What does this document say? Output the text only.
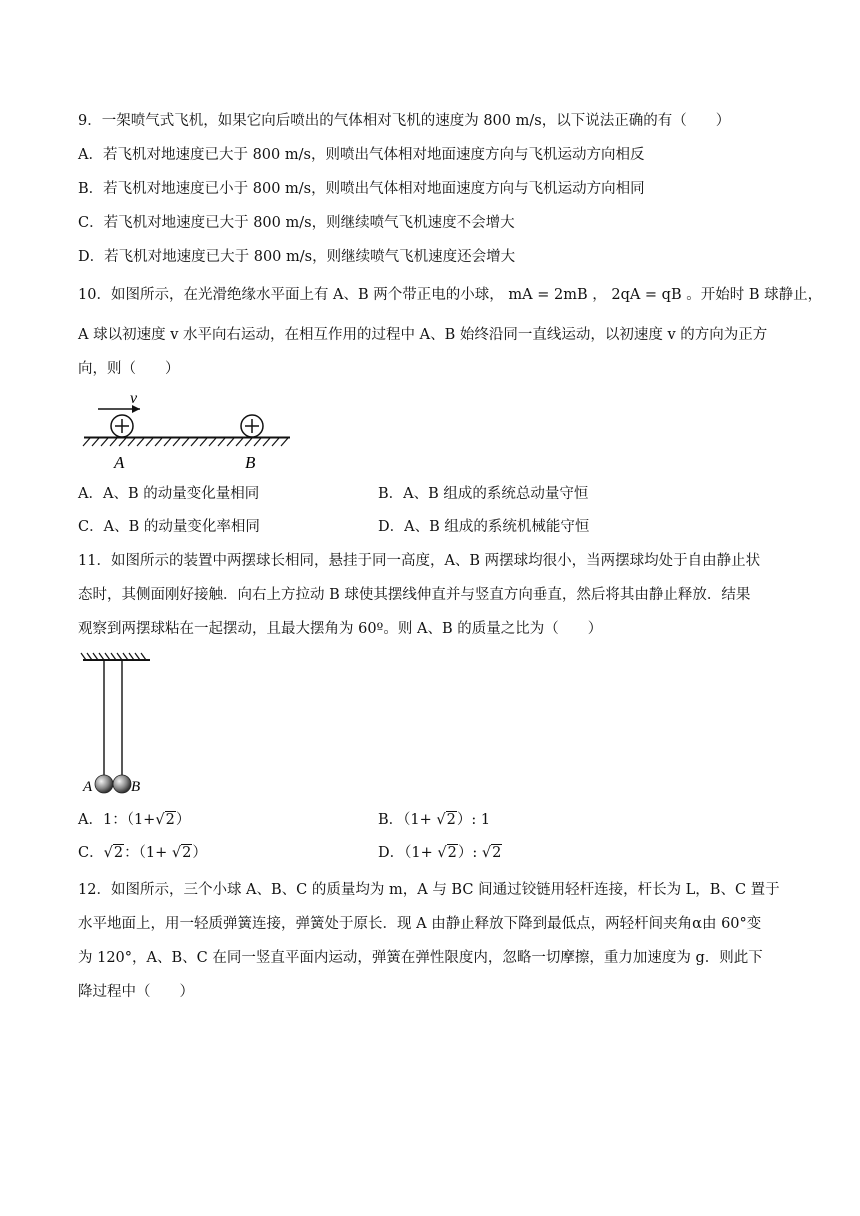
9．一架喷气式飞机，如果它向后喷出的气体相对飞机的速度为 800 m/s，以下说法正确的有（　　）
A．若飞机对地速度已大于 800 m/s，则喷出气体相对地面速度方向与飞机运动方向相反
B．若飞机对地速度已小于 800 m/s，则喷出气体相对地面速度方向与飞机运动方向相同
C．若飞机对地速度已大于 800 m/s，则继续喷气飞机速度不会增大
D．若飞机对地速度已大于 800 m/s，则继续喷气飞机速度还会增大
10．如图所示，在光滑绝缘水平面上有 A、B 两个带正电的小球， mA = 2mB ， 2qA = qB 。开始时 B 球静止，
A 球以初速度 v 水平向右运动，在相互作用的过程中 A、B 始终沿同一直线运动，以初速度 v 的方向为正方
向，则（　　）
v
A	B
A．A、B 的动量变化量相同	B．A、B 组成的系统总动量守恒
C．A、B 的动量变化率相同	D．A、B 组成的系统机械能守恒
11．如图所示的装置中两摆球长相同，悬挂于同一高度，A、B 两摆球均很小，当两摆球均处于自由静止状
态时，其侧面刚好接触．向右上方拉动 B 球使其摆线伸直并与竖直方向垂直，然后将其由静止释放．结果
观察到两摆球粘在一起摆动，且最大摆角为 60º。则 A、B 的质量之比为（　　）
A	B
A．1：（1+√2）	B．（1+ √2）: 1
C．√2：（1+ √2）	D．（1+ √2）: √2
12．如图所示，三个小球 A、B、C 的质量均为 m，A 与 BC 间通过铰链用轻杆连接，杆长为 L，B、C 置于
水平地面上，用一轻质弹簧连接，弹簧处于原长．现 A 由静止释放下降到最低点，两轻杆间夹角α由 60°变
为 120°，A、B、C 在同一竖直平面内运动，弹簧在弹性限度内，忽略一切摩擦，重力加速度为 g．则此下
降过程中（　　）
